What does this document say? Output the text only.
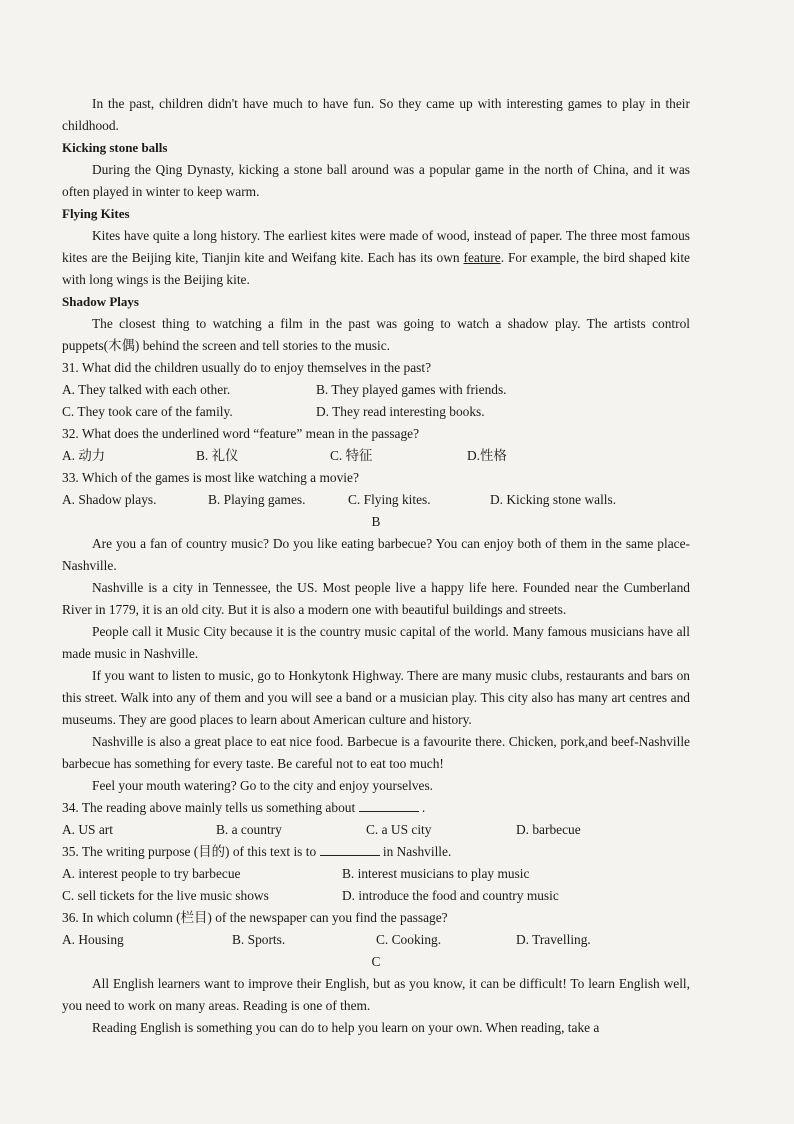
In the past, children didn't have much to have fun. So they came up with interesting games to play in their childhood.

Kicking stone balls

During the Qing Dynasty, kicking a stone ball around was a popular game in the north of China, and it was often played in winter to keep warm.

Flying Kites

Kites have quite a long history. The earliest kites were made of wood, instead of paper. The three most famous kites are the Beijing kite, Tianjin kite and Weifang kite. Each has its own feature. For example, the bird shaped kite with long wings is the Beijing kite.

Shadow Plays

The closest thing to watching a film in the past was going to watch a shadow play. The artists control puppets(木偶) behind the screen and tell stories to the music.

31. What did the children usually do to enjoy themselves in the past?

A. They talked with each other.	B. They played games with friends.
C. They took care of the family.	D. They read interesting books.

32. What does the underlined word “feature” mean in the passage?

A. 动力	B. 礼仪	C. 特征	D.性格

33. Which of the games is most like watching a movie?

A. Shadow plays.	B. Playing games.	C. Flying kites.	D. Kicking stone walls.

B

Are you a fan of country music? Do you like eating barbecue? You can enjoy both of them in the same place-Nashville.

Nashville is a city in Tennessee, the US. Most people live a happy life here. Founded near the Cumberland River in 1779, it is an old city. But it is also a modern one with beautiful buildings and streets.

People call it Music City because it is the country music capital of the world. Many famous musicians have all made music in Nashville.

If you want to listen to music, go to Honkytonk Highway. There are many music clubs, restaurants and bars on this street. Walk into any of them and you will see a band or a musician play. This city also has many art centres and museums. They are good places to learn about American culture and history.

Nashville is also a great place to eat nice food. Barbecue is a favourite there. Chicken, pork,and beef-Nashville barbecue has something for every taste. Be careful not to eat too much!

Feel your mouth watering? Go to the city and enjoy yourselves.

34. The reading above mainly tells us something about	.

A. US art	B. a country	C. a US city	D. barbecue

35. The writing purpose (目的) of this text is to	in Nashville.

A. interest people to try barbecue	B. interest musicians to play music
C. sell tickets for the live music shows	D. introduce the food and country music

36. In which column (栏目) of the newspaper can you find the passage?

A. Housing	B. Sports.	C. Cooking.	D. Travelling.

C

All English learners want to improve their English, but as you know, it can be difficult! To learn English well, you need to work on many areas. Reading is one of them.

Reading English is something you can do to help you learn on your own. When reading, take a
